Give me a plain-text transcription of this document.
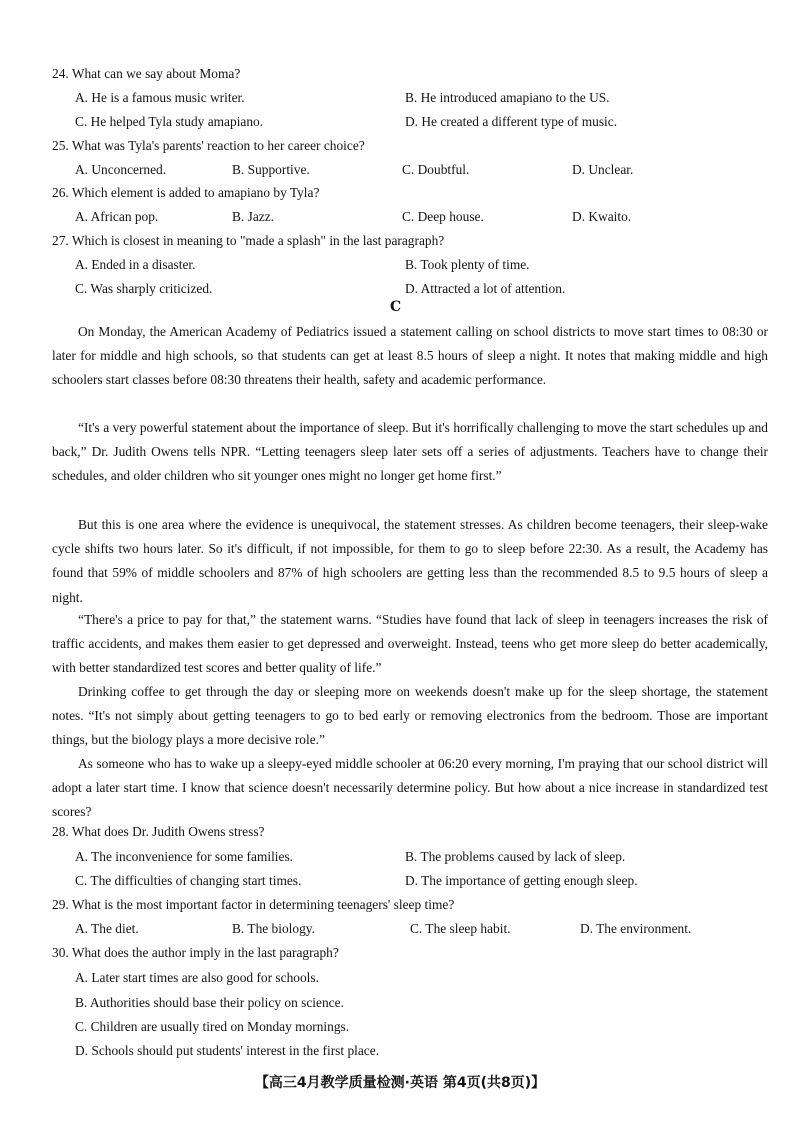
24. What can we say about Moma?
A. He is a famous music writer.	B. He introduced amapiano to the US.
C. He helped Tyla study amapiano.	D. He created a different type of music.
25. What was Tyla's parents' reaction to her career choice?
A. Unconcerned.	B. Supportive.	C. Doubtful.	D. Unclear.
26. Which element is added to amapiano by Tyla?
A. African pop.	B. Jazz.	C. Deep house.	D. Kwaito.
27. Which is closest in meaning to "made a splash" in the last paragraph?
A. Ended in a disaster.	B. Took plenty of time.
C. Was sharply criticized.	D. Attracted a lot of attention.
C
On Monday, the American Academy of Pediatrics issued a statement calling on school districts to move start times to 08:30 or later for middle and high schools, so that students can get at least 8.5 hours of sleep a night. It notes that making middle and high schoolers start classes before 08:30 threatens their health, safety and academic performance.
“It's a very powerful statement about the importance of sleep. But it's horrifically challenging to move the start schedules up and back,” Dr. Judith Owens tells NPR. “Letting teenagers sleep later sets off a series of adjustments. Teachers have to change their schedules, and older children who sit younger ones might no longer get home first.”
But this is one area where the evidence is unequivocal, the statement stresses. As children become teenagers, their sleep-wake cycle shifts two hours later. So it's difficult, if not impossible, for them to go to sleep before 22:30. As a result, the Academy has found that 59% of middle schoolers and 87% of high schoolers are getting less than the recommended 8.5 to 9.5 hours of sleep a night.
“There's a price to pay for that,” the statement warns. “Studies have found that lack of sleep in teenagers increases the risk of traffic accidents, and makes them easier to get depressed and overweight. Instead, teens who get more sleep do better academically, with better standardized test scores and better quality of life.”
Drinking coffee to get through the day or sleeping more on weekends doesn't make up for the sleep shortage, the statement notes. “It's not simply about getting teenagers to go to bed early or removing electronics from the bedroom. Those are important things, but the biology plays a more decisive role.”
As someone who has to wake up a sleepy-eyed middle schooler at 06:20 every morning, I'm praying that our school district will adopt a later start time. I know that science doesn't necessarily determine policy. But how about a nice increase in standardized test scores?
28. What does Dr. Judith Owens stress?
A. The inconvenience for some families.	B. The problems caused by lack of sleep.
C. The difficulties of changing start times.	D. The importance of getting enough sleep.
29. What is the most important factor in determining teenagers' sleep time?
A. The diet.	B. The biology.	C. The sleep habit.	D. The environment.
30. What does the author imply in the last paragraph?
A. Later start times are also good for schools.
B. Authorities should base their policy on science.
C. Children are usually tired on Monday mornings.
D. Schools should put students' interest in the first place.
【高三4月教学质量检测·英语 第4页(共8页)】
